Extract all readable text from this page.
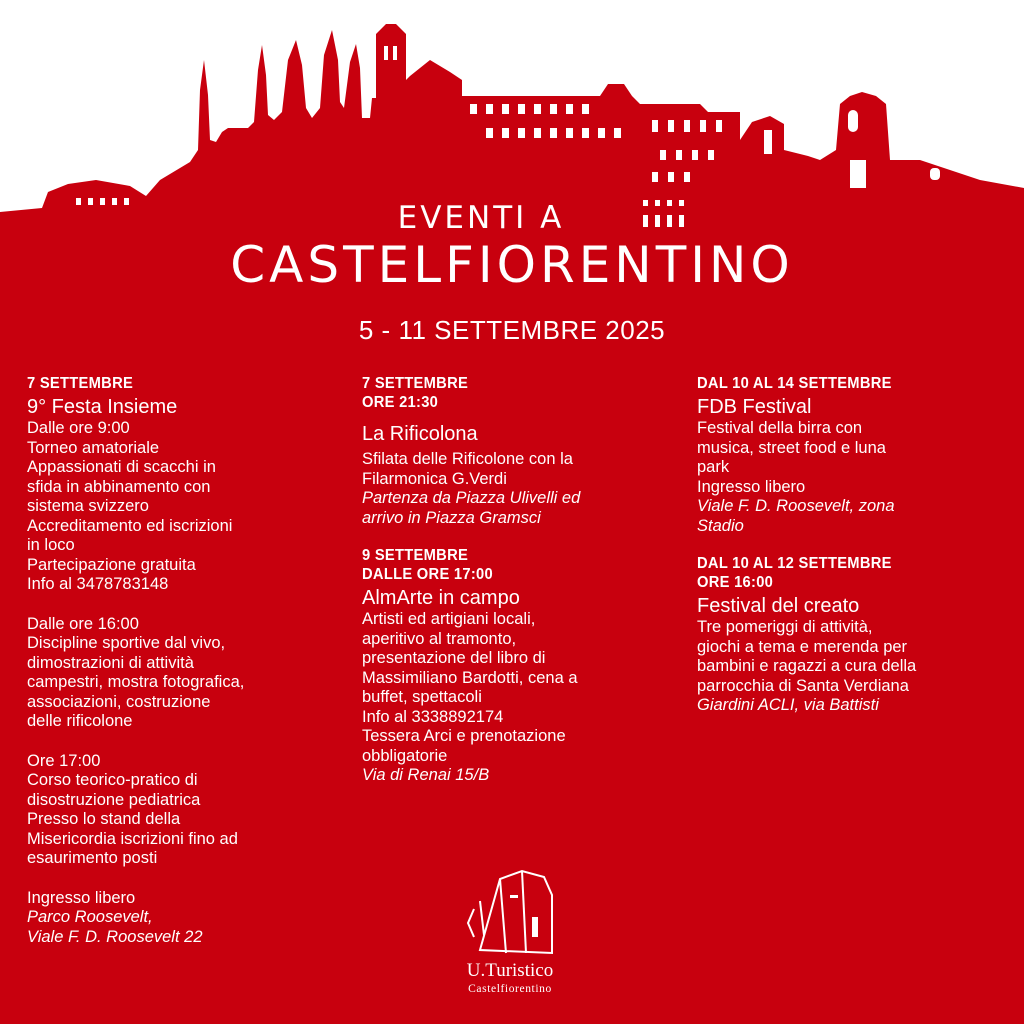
EVENTI A
CASTELFIORENTINO
5 - 11 SETTEMBRE 2025
7 SETTEMBRE
9° Festa Insieme
Dalle ore 9:00
Torneo amatoriale
Appassionati di scacchi in
sfida in abbinamento con
sistema svizzero
Accreditamento ed iscrizioni
in loco
Partecipazione gratuita
Info al 3478783148
Dalle ore 16:00
Discipline sportive dal vivo,
dimostrazioni di attività
campestri, mostra fotografica,
associazioni, costruzione
delle rificolone
Ore 17:00
Corso teorico-pratico di
disostruzione pediatrica
Presso lo stand della
Misericordia iscrizioni fino ad
esaurimento posti
Ingresso libero
Parco Roosevelt,
Viale F. D. Roosevelt 22
7 SETTEMBRE
ORE 21:30
La Rificolona
Sfilata delle Rificolone con la
Filarmonica G.Verdi
Partenza da Piazza Ulivelli ed
arrivo in Piazza Gramsci
9 SETTEMBRE
DALLE ORE 17:00
AlmArte in campo
Artisti ed artigiani locali,
aperitivo al tramonto,
presentazione del libro di
Massimiliano Bardotti, cena a
buffet, spettacoli
Info al 3338892174
Tessera Arci e prenotazione
obbligatorie
Via di Renai 15/B
DAL 10 AL 14 SETTEMBRE
FDB Festival
Festival della birra con
musica, street food e luna
park
Ingresso libero
Viale F. D. Roosevelt, zona
Stadio
DAL 10 AL 12 SETTEMBRE
ORE 16:00
Festival del creato
Tre pomeriggi di attività,
giochi a tema e merenda per
bambini e ragazzi a cura della
parrocchia di Santa Verdiana
Giardini ACLI, via Battisti
U.Turistico
Castelfiorentino
